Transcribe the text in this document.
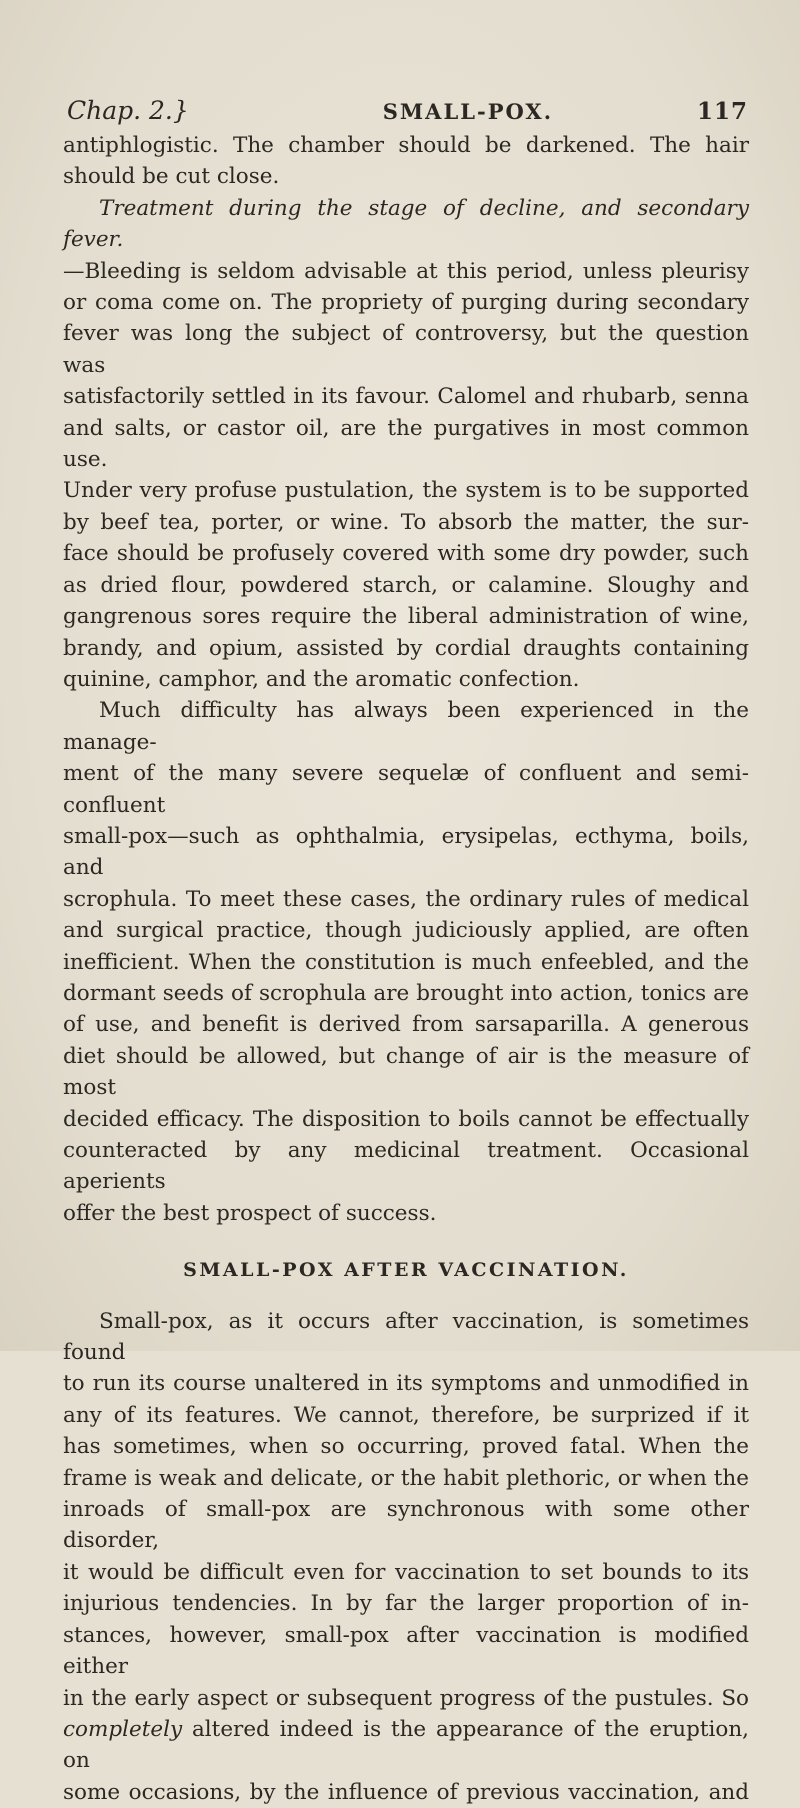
Chap. 2.}	SMALL-POX.	117

antiphlogistic. The chamber should be darkened. The hair

should be cut close.

Treatment during the stage of decline, and secondary fever.

—Bleeding is seldom advisable at this period, unless pleurisy

or coma come on. The propriety of purging during secondary

fever was long the subject of controversy, but the question was

satisfactorily settled in its favour. Calomel and rhubarb, senna

and salts, or castor oil, are the purgatives in most common use.

Under very profuse pustulation, the system is to be supported

by beef tea, porter, or wine. To absorb the matter, the sur-

face should be profusely covered with some dry powder, such

as dried flour, powdered starch, or calamine. Sloughy and

gangrenous sores require the liberal administration of wine,

brandy, and opium, assisted by cordial draughts containing

quinine, camphor, and the aromatic confection.

Much difficulty has always been experienced in the manage-

ment of the many severe sequelæ of confluent and semi-confluent

small-pox—such as ophthalmia, erysipelas, ecthyma, boils, and

scrophula. To meet these cases, the ordinary rules of medical

and surgical practice, though judiciously applied, are often

inefficient. When the constitution is much enfeebled, and the

dormant seeds of scrophula are brought into action, tonics are

of use, and benefit is derived from sarsaparilla. A generous

diet should be allowed, but change of air is the measure of most

decided efficacy. The disposition to boils cannot be effectually

counteracted by any medicinal treatment. Occasional aperients

offer the best prospect of success.

SMALL-POX AFTER VACCINATION.

Small-pox, as it occurs after vaccination, is sometimes found

to run its course unaltered in its symptoms and unmodified in

any of its features. We cannot, therefore, be surprized if it

has sometimes, when so occurring, proved fatal. When the

frame is weak and delicate, or the habit plethoric, or when the

inroads of small-pox are synchronous with some other disorder,

it would be difficult even for vaccination to set bounds to its

injurious tendencies. In by far the larger proportion of in-

stances, however, small-pox after vaccination is modified either

in the early aspect or subsequent progress of the pustules. So

completely altered indeed is the appearance of the eruption, on

some occasions, by the influence of previous vaccination, and
